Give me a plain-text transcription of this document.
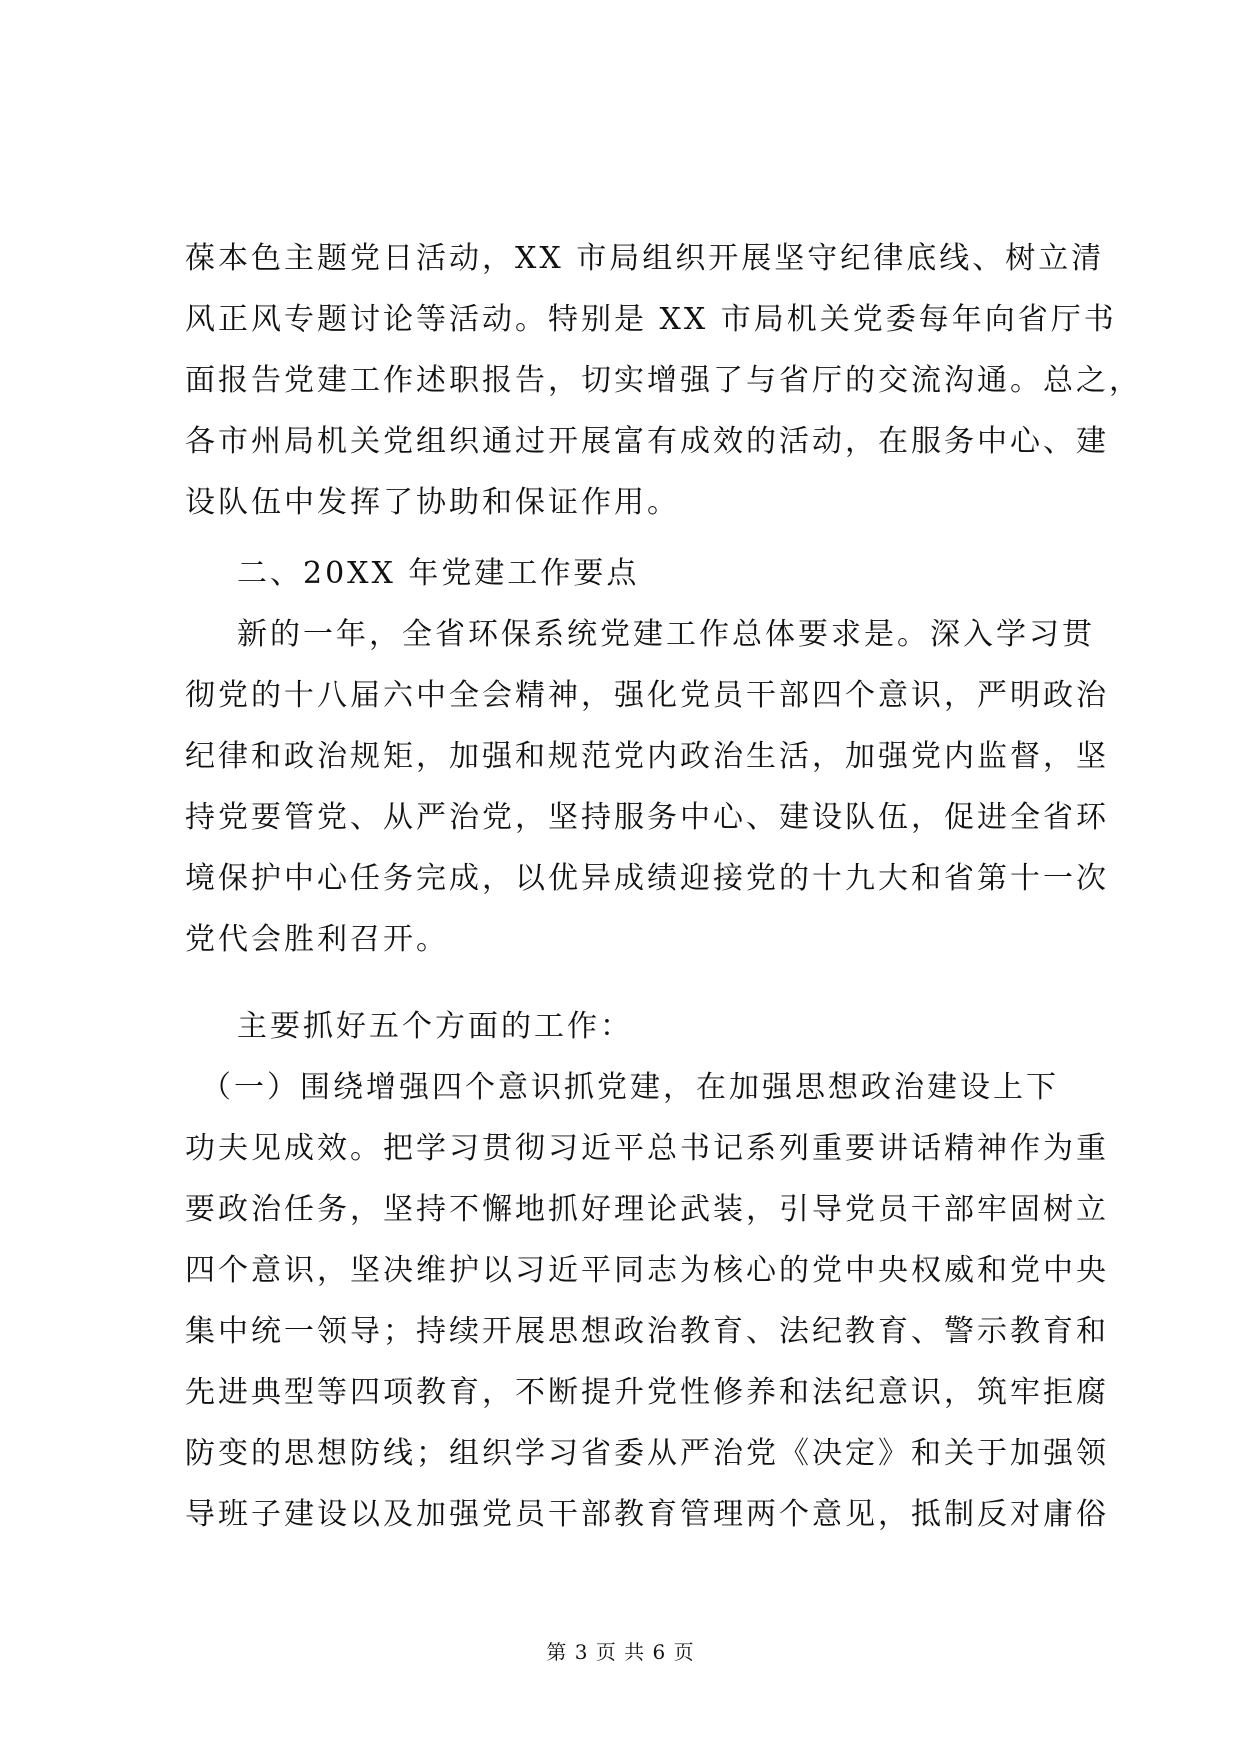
葆本色主题党日活动，XX 市局组织开展坚守纪律底线、树立清
风正风专题讨论等活动。特别是 XX 市局机关党委每年向省厅书
面报告党建工作述职报告，切实增强了与省厅的交流沟通。总之，
各市州局机关党组织通过开展富有成效的活动，在服务中心、建
设队伍中发挥了协助和保证作用。
二、20XX 年党建工作要点
新的一年，全省环保系统党建工作总体要求是。深入学习贯
彻党的十八届六中全会精神，强化党员干部四个意识，严明政治
纪律和政治规矩，加强和规范党内政治生活，加强党内监督，坚
持党要管党、从严治党，坚持服务中心、建设队伍，促进全省环
境保护中心任务完成，以优异成绩迎接党的十九大和省第十一次
党代会胜利召开。
主要抓好五个方面的工作：
（一）围绕增强四个意识抓党建，在加强思想政治建设上下
功夫见成效。把学习贯彻习近平总书记系列重要讲话精神作为重
要政治任务，坚持不懈地抓好理论武装，引导党员干部牢固树立
四个意识，坚决维护以习近平同志为核心的党中央权威和党中央
集中统一领导；持续开展思想政治教育、法纪教育、警示教育和
先进典型等四项教育，不断提升党性修养和法纪意识，筑牢拒腐
防变的思想防线；组织学习省委从严治党《决定》和关于加强领
导班子建设以及加强党员干部教育管理两个意见，抵制反对庸俗
第 3 页 共 6 页
